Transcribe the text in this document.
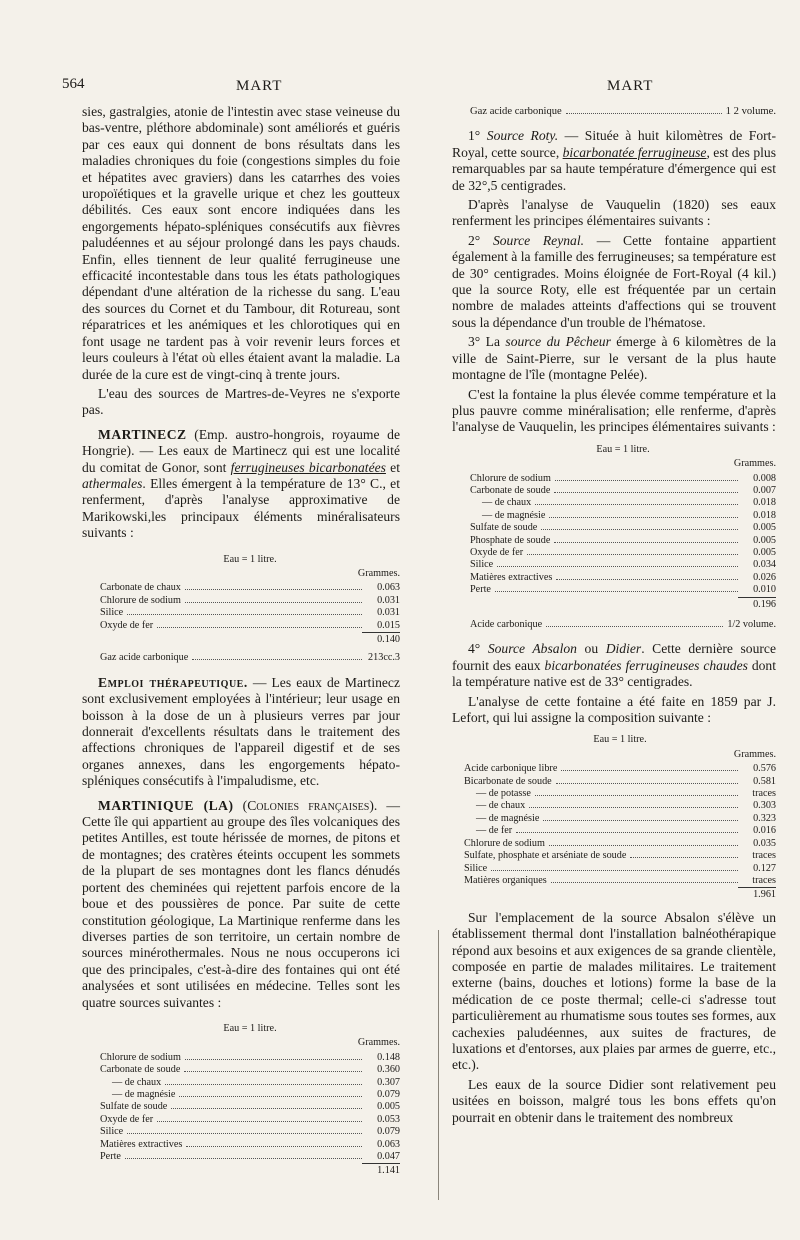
564	MART	MART

sies, gastralgies, atonie de l'intestin avec stase veineuse du bas-ventre, pléthore abdominale) sont améliorés et guéris par ces eaux qui donnent de bons résultats dans les maladies chroniques du foie (congestions simples du foie et hépatites avec graviers) dans les catarrhes des voies uropoïétiques et la gravelle urique et chez les goutteux débilités. Ces eaux sont encore indiquées dans les engorgements hépato-spléniques consécutifs aux fièvres paludéennes et au séjour prolongé dans les pays chauds. Enfin, elles tiennent de leur qualité ferrugineuse une efficacité incontestable dans tous les états pathologiques dépendant d'une altération de la richesse du sang. L'eau des sources du Cornet et du Tambour, dit Rotureau, sont réparatrices et les anémiques et les chlorotiques qui en font usage ne tardent pas à voir revenir leurs forces et leurs couleurs à l'état où elles étaient avant la maladie. La durée de la cure est de vingt-cinq à trente jours.

L'eau des sources de Martres-de-Veyres ne s'exporte pas.

MARTINECZ (Emp. austro-hongrois, royaume de Hongrie). — Les eaux de Martinecz qui est une localité du comitat de Gonor, sont ferrugineuses bicarbonatées et athermales. Elles émergent à la température de 13° C., et renferment, d'après l'analyse approximative de Marikowski,les principaux éléments minéralisateurs suivants :

Eau = 1 litre.
Grammes.
Carbonate de chaux	0.063
Chlorure de sodium	0.031
Silice	0.031
Oxyde de fer	0.015
0.140
Gaz acide carbonique	213cc.3

Emploi thérapeutique. — Les eaux de Martinecz sont exclusivement employées à l'intérieur; leur usage en boisson à la dose de un à plusieurs verres par jour donnerait d'excellents résultats dans le traitement des affections chroniques de l'appareil digestif et de ses organes annexes, dans les engorgements hépato-spléniques consécutifs à l'impaludisme, etc.

MARTINIQUE (LA) (Colonies françaises). — Cette île qui appartient au groupe des îles volcaniques des petites Antilles, est toute hérissée de mornes, de pitons et de montagnes; des cratères éteints occupent les sommets de la plupart de ses montagnes dont les flancs dénudés portent des cheminées qui rejettent parfois encore de la boue et des poussières de ponce. Par suite de cette constitution géologique, La Martinique renferme dans les diverses parties de son territoire, un certain nombre de sources minérothermales. Nous ne nous occuperons ici que des principales, c'est-à-dire des fontaines qui ont été analysées et sont utilisées en médecine. Telles sont les quatre sources suivantes :

Eau = 1 litre.
Grammes.
Chlorure de sodium	0.148
Carbonate de soude	0.360
— de chaux	0.307
— de magnésie	0.079
Sulfate de soude	0.005
Oxyde de fer	0.053
Silice	0.079
Matières extractives	0.063
Perte	0.047
1.141
Gaz acide carbonique	1 2 volume.

1° Source Roty. — Située à huit kilomètres de Fort-Royal, cette source, bicarbonatée ferrugineuse, est des plus remarquables par sa haute température d'émergence qui est de 32°,5 centigrades.

D'après l'analyse de Vauquelin (1820) ses eaux renferment les principes élémentaires suivants :

2° Source Reynal. — Cette fontaine appartient également à la famille des ferrugineuses; sa température est de 30° centigrades. Moins éloignée de Fort-Royal (4 kil.) que la source Roty, elle est fréquentée par un certain nombre de malades atteints d'affections qui se trouvent sous la dépendance d'un trouble de l'hématose.

3° La source du Pêcheur émerge à 6 kilomètres de la ville de Saint-Pierre, sur le versant de la plus haute montagne de l'île (montagne Pelée).

C'est la fontaine la plus élevée comme température et la plus pauvre comme minéralisation; elle renferme, d'après l'analyse de Vauquelin, les principes élémentaires suivants :

Eau = 1 litre.
Grammes.
Chlorure de sodium	0.008
Carbonate de soude	0.007
— de chaux	0.018
— de magnésie	0.018
Sulfate de soude	0.005
Phosphate de soude	0.005
Oxyde de fer	0.005
Silice	0.034
Matières extractives	0.026
Perte	0.010
0.196
Acide carbonique	1/2 volume.

4° Source Absalon ou Didier. Cette dernière source fournit des eaux bicarbonatées ferrugineuses chaudes dont la température native est de 33° centigrades.

L'analyse de cette fontaine a été faite en 1859 par J. Lefort, qui lui assigne la composition suivante :

Eau = 1 litre.
Grammes.
Acide carbonique libre	0.576
Bicarbonate de soude	0.581
— de potasse	traces
— de chaux	0.303
— de magnésie	0.323
— de fer	0.016
Chlorure de sodium	0.035
Sulfate, phosphate et arséniate de soude	traces
Silice	0.127
Matières organiques	traces
1.961

Sur l'emplacement de la source Absalon s'élève un établissement thermal dont l'installation balnéothérapique répond aux besoins et aux exigences de sa grande clientèle, composée en partie de malades militaires. Le traitement externe (bains, douches et lotions) forme la base de la médication de ce poste thermal; celle-ci s'adresse tout particulièrement au rhumatisme sous toutes ses formes, aux cachexies paludéennes, aux suites de fractures, de luxations et d'entorses, aux plaies par armes de guerre, etc., etc.).

Les eaux de la source Didier sont relativement peu usitées en boisson, malgré tous les bons effets qu'on pourrait en obtenir dans le traitement des nombreux
